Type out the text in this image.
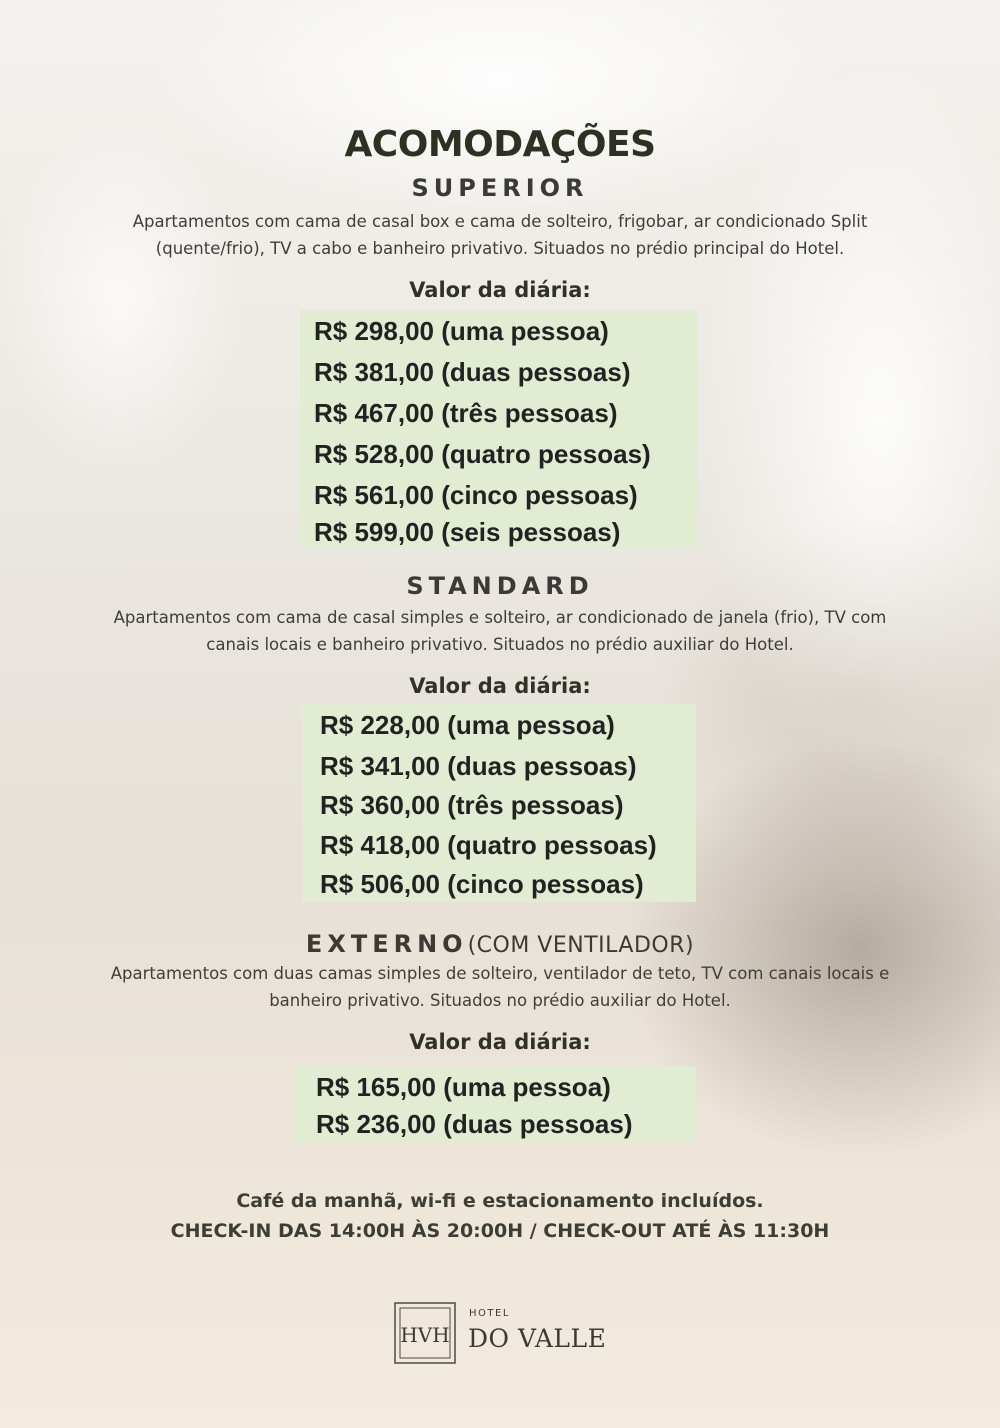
ACOMODAÇÕES
SUPERIOR
Apartamentos com cama de casal box e cama de solteiro, frigobar, ar condicionado Split
(quente/frio), TV a cabo e banheiro privativo. Situados no prédio principal do Hotel.
Valor da diária:
R$ 298,00 (uma pessoa)
R$ 381,00 (duas pessoas)
R$ 467,00 (três pessoas)
R$ 528,00 (quatro pessoas)
R$ 561,00 (cinco pessoas)
R$ 599,00 (seis pessoas)
STANDARD
Apartamentos com cama de casal simples e solteiro, ar condicionado de janela (frio), TV com
canais locais e banheiro privativo. Situados no prédio auxiliar do Hotel.
Valor da diária:
R$ 228,00 (uma pessoa)
R$ 341,00 (duas pessoas)
R$ 360,00 (três pessoas)
R$ 418,00 (quatro pessoas)
R$ 506,00 (cinco pessoas)
EXTERNO(COM VENTILADOR)
Apartamentos com duas camas simples de solteiro, ventilador de teto, TV com canais locais e
banheiro privativo. Situados no prédio auxiliar do Hotel.
Valor da diária:
R$ 165,00 (uma pessoa)
R$ 236,00 (duas pessoas)
Café da manhã, wi-fi e estacionamento incluídos.
CHECK-IN DAS 14:00H ÀS 20:00H / CHECK-OUT ATÉ ÀS 11:30H
HVH
HOTEL
DO VALLE
